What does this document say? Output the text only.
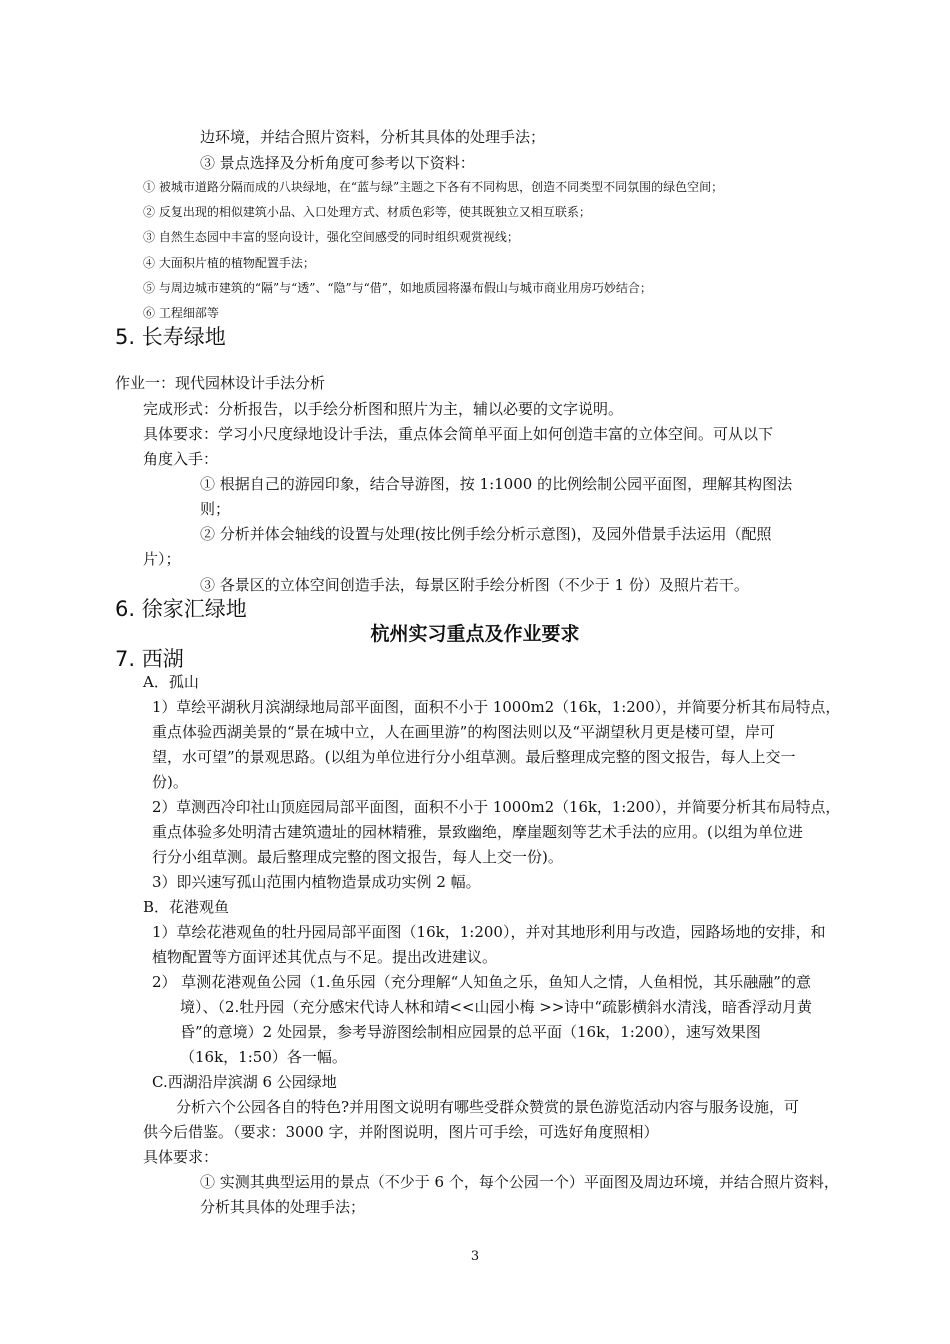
边环境，并结合照片资料，分析其具体的处理手法；
③ 景点选择及分析角度可参考以下资料：
① 被城市道路分隔而成的八块绿地，在“蓝与绿”主题之下各有不同构思，创造不同类型不同氛围的绿色空间；
② 反复出现的相似建筑小品、入口处理方式、材质色彩等，使其既独立又相互联系；
③ 自然生态园中丰富的竖向设计，强化空间感受的同时组织观赏视线；
④ 大面积片植的植物配置手法；
⑤ 与周边城市建筑的“隔”与“透”、“隐”与“借”，如地质园将瀑布假山与城市商业用房巧妙结合；
⑥ 工程细部等
5. 长寿绿地
作业一：现代园林设计手法分析
完成形式：分析报告，以手绘分析图和照片为主，辅以必要的文字说明。
具体要求：学习小尺度绿地设计手法，重点体会简单平面上如何创造丰富的立体空间。可从以下
角度入手：
① 根据自己的游园印象，结合导游图，按 1:1000 的比例绘制公园平面图，理解其构图法
则；
② 分析并体会轴线的设置与处理(按比例手绘分析示意图)，及园外借景手法运用（配照
片）；
③ 各景区的立体空间创造手法，每景区附手绘分析图（不少于 1 份）及照片若干。
6. 徐家汇绿地
杭州实习重点及作业要求
7. 西湖
A．孤山
1）草绘平湖秋月滨湖绿地局部平面图，面积不小于 1000m2（16k，1:200），并简要分析其布局特点，
重点体验西湖美景的“景在城中立，人在画里游”的构图法则以及“平湖望秋月更是楼可望，岸可
望，水可望”的景观思路。(以组为单位进行分小组草测。最后整理成完整的图文报告，每人上交一
份)。
2）草测西冷印社山顶庭园局部平面图，面积不小于 1000m2（16k，1:200），并简要分析其布局特点，
重点体验多处明清古建筑遗址的园林精雅，景致幽绝，摩崖题刻等艺术手法的应用。(以组为单位进
行分小组草测。最后整理成完整的图文报告，每人上交一份)。
3）即兴速写孤山范围内植物造景成功实例 2 幅。
B．花港观鱼
1）草绘花港观鱼的牡丹园局部平面图（16k，1:200），并对其地形利用与改造，园路场地的安排，和
植物配置等方面评述其优点与不足。提出改进建议。
2） 草测花港观鱼公园（1.鱼乐园（充分理解“人知鱼之乐，鱼知人之情，人鱼相悦，其乐融融”的意
境）、（2.牡丹园（充分感宋代诗人林和靖<<山园小梅 >>诗中“疏影横斜水清浅，暗香浮动月黄
昏”的意境）2 处园景，参考导游图绘制相应园景的总平面（16k，1:200），速写效果图
（16k，1:50）各一幅。
C.西湖沿岸滨湖 6 公园绿地
分析六个公园各自的特色?并用图文说明有哪些受群众赞赏的景色游览活动内容与服务设施，可
供今后借鉴。（要求：3000 字，并附图说明，图片可手绘，可选好角度照相）
具体要求：
① 实测其典型运用的景点（不少于 6 个，每个公园一个）平面图及周边环境，并结合照片资料，
分析其具体的处理手法；
3
